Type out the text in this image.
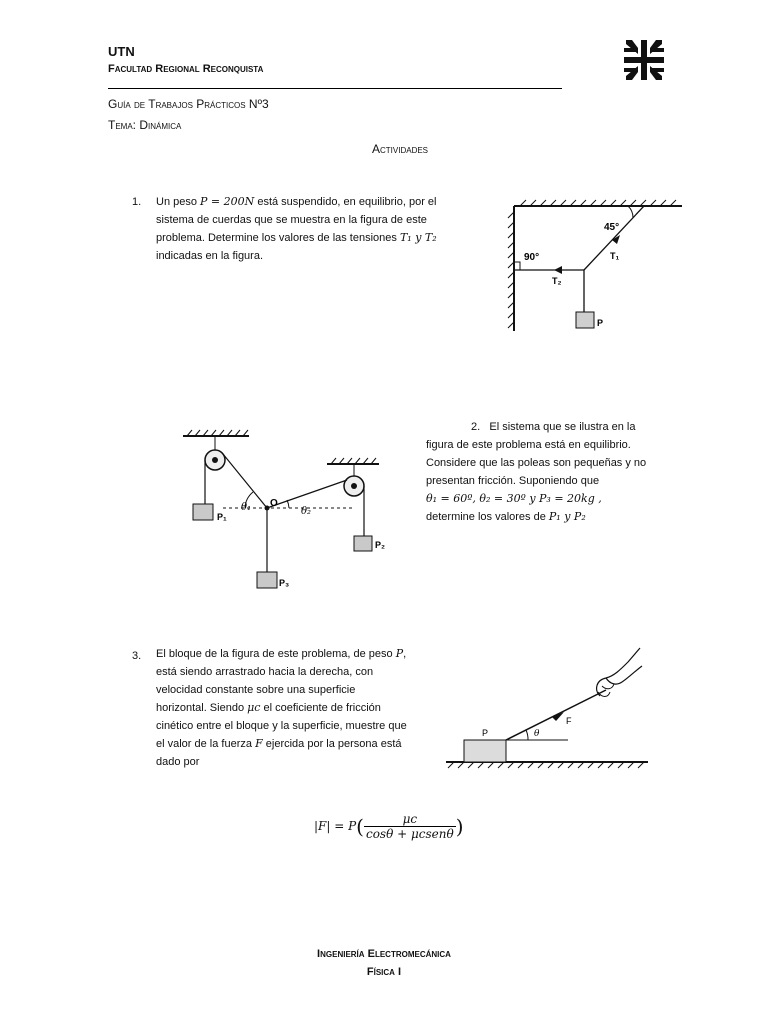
UTN
Facultad Regional Reconquista
Guía de Trabajos Prácticos Nº3
Tema: Dinámica
Actividades
1. Un peso P = 200N está suspendido, en equilibrio, por el
sistema de cuerdas que se muestra en la figura de este
problema. Determine los valores de las tensiones T₁ y T₂
indicadas en la figura.
45°
90°	T₁
T₂
P
θ₁ O
θ₂
P₁
P₂
P₃
2. El sistema que se ilustra en la
figura de este problema está en equilibrio.
Considere que las poleas son pequeñas y no
presentan fricción. Suponiendo que
θ₁ = 60º, θ₂ = 30º y P₃ = 20kg ,
determine los valores de P₁ y P₂
3. El bloque de la figura de este problema, de peso P,
está siendo arrastrado hacia la derecha, con
velocidad constante sobre una superficie
horizontal. Siendo μc el coeficiente de fricción
cinético entre el bloque y la superficie, muestre que
el valor de la fuerza F ejercida por la persona está
dado por
P
F
θ
$|F| = P( \frac{\mu c}{\text{cosθ + μcsenθ}}$ )
Ingeniería Electromecánica
Física I
